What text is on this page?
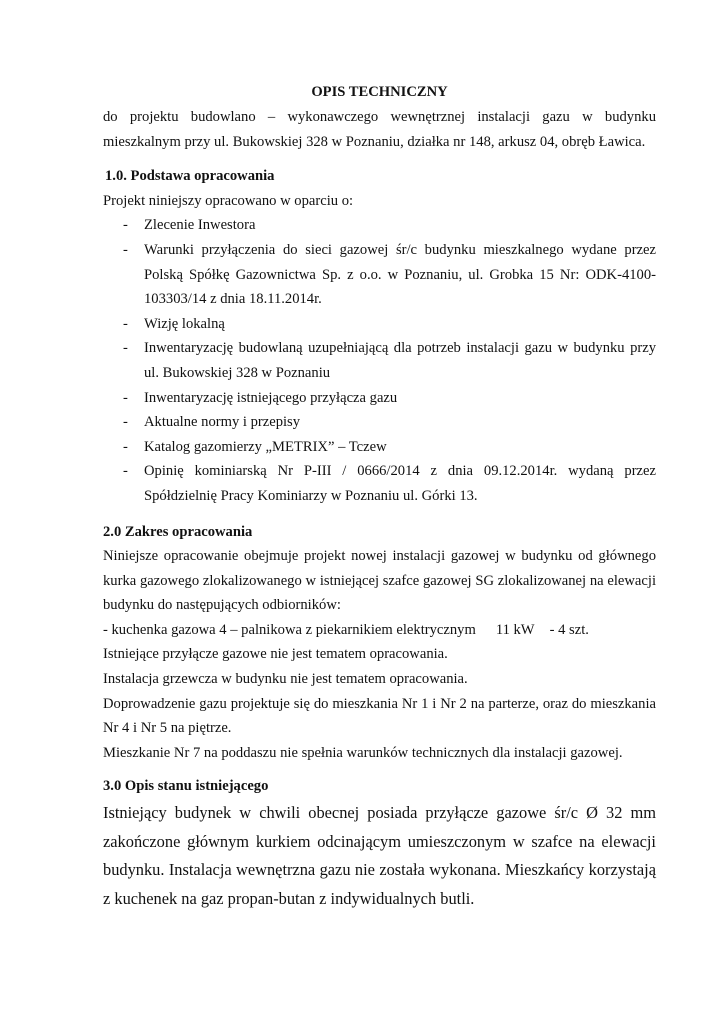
OPIS TECHNICZNY

do projektu budowlano – wykonawczego wewnętrznej instalacji gazu w budynku mieszkalnym przy ul. Bukowskiej 328 w Poznaniu, działka nr 148, arkusz 04, obręb Ławica.

1.0. Podstawa opracowania

Projekt niniejszy opracowano w oparciu o:

- Zlecenie Inwestora
- Warunki przyłączenia do sieci gazowej śr/c budynku mieszkalnego wydane przez Polską Spółkę Gazownictwa Sp. z o.o. w Poznaniu, ul. Grobka 15 Nr: ODK-4100-103303/14 z dnia 18.11.2014r.
- Wizję lokalną
- Inwentaryzację budowlaną uzupełniającą dla potrzeb instalacji gazu w budynku przy ul. Bukowskiej 328 w Poznaniu
- Inwentaryzację istniejącego przyłącza gazu
- Aktualne normy i przepisy
- Katalog gazomierzy „METRIX” – Tczew
- Opinię kominiarską Nr P-III / 0666/2014 z dnia 09.12.2014r. wydaną przez Spółdzielnię Pracy Kominiarzy w Poznaniu ul. Górki 13.

2.0 Zakres opracowania

Niniejsze opracowanie obejmuje projekt nowej instalacji gazowej w budynku od głównego kurka gazowego zlokalizowanego w istniejącej szafce gazowej SG zlokalizowanej na elewacji budynku do następujących odbiorników:

- kuchenka gazowa 4 – palnikowa z piekarnikiem elektrycznym 11 kW - 4 szt.

Istniejące przyłącze gazowe nie jest tematem opracowania.

Instalacja grzewcza w budynku nie jest tematem opracowania.

Doprowadzenie gazu projektuje się do mieszkania Nr 1 i Nr 2 na parterze, oraz do mieszkania Nr 4 i Nr 5 na piętrze.

Mieszkanie Nr 7 na poddaszu nie spełnia warunków technicznych dla instalacji gazowej.

3.0 Opis stanu istniejącego

Istniejący budynek w chwili obecnej posiada przyłącze gazowe śr/c Ø 32 mm zakończone głównym kurkiem odcinającym umieszczonym w szafce na elewacji budynku. Instalacja wewnętrzna gazu nie została wykonana. Mieszkańcy korzystają z kuchenek na gaz propan-butan z indywidualnych butli.
